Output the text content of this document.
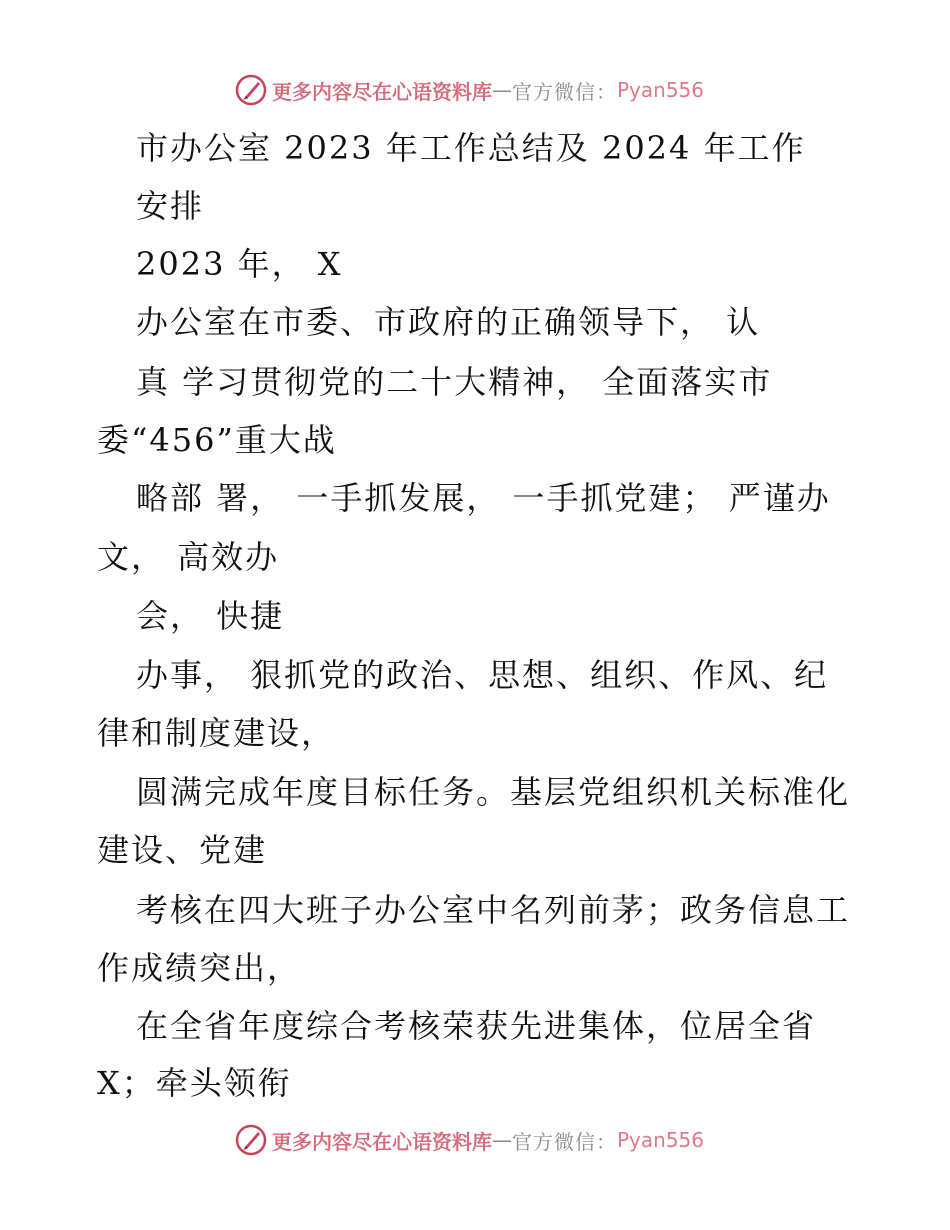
更多内容尽在心语资料库 — 官方微信： Pyan556

市办公室 2023 年工作总结及 2024 年工作

安排

2023 年， X

办公室在市委、市政府的正确领导下， 认

真 学习贯彻党的二十大精神， 全面落实市

委“456”重大战

略部 署， 一手抓发展， 一手抓党建； 严谨办

文， 高效办

会， 快捷

办事， 狠抓党的政治、思想、组织、作风、纪

律和制度建设，

圆满完成年度目标任务。基层党组织机关标准化

建设、党建

考核在四大班子办公室中名列前茅；政务信息工

作成绩突出，

在全省年度综合考核荣获先进集体，位居全省

X；牵头领衔

更多内容尽在心语资料库 — 官方微信： Pyan556
